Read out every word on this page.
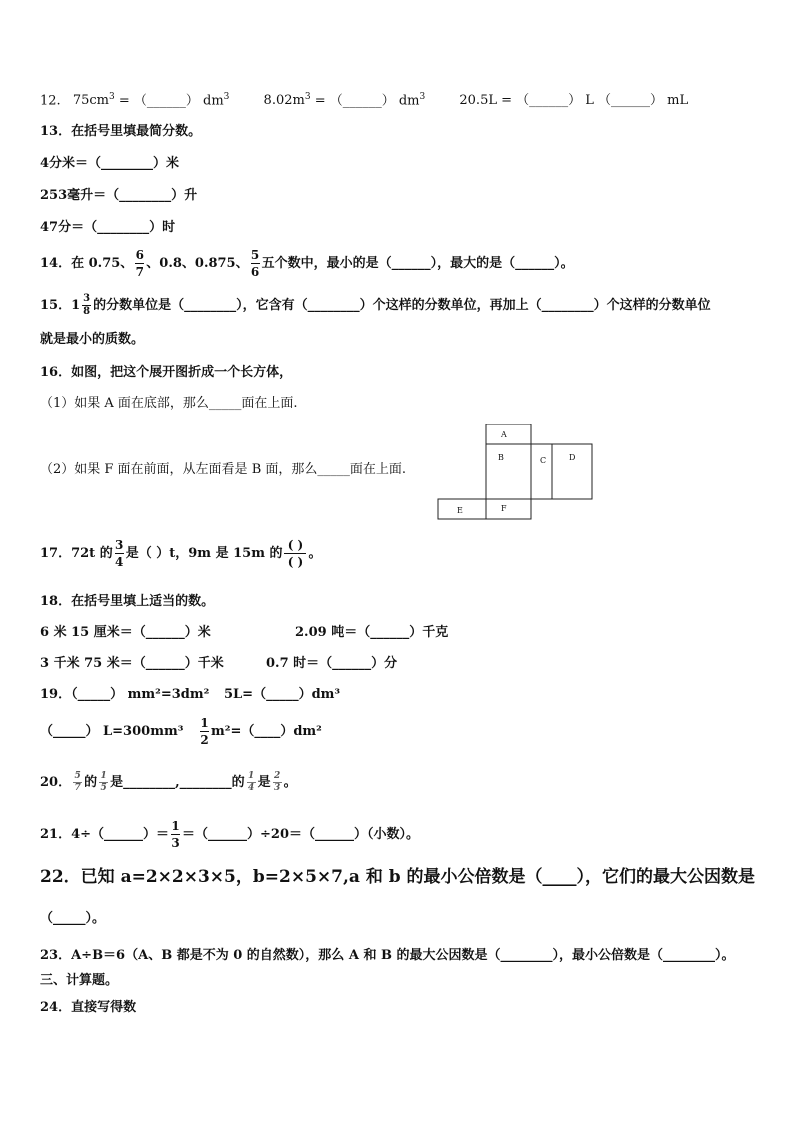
12. $75cm^3$ = （______） $dm^3$	$8.02m^3$ = （______） $dm^3$	20.5L = （______） L （______） mL
13．在括号里填最简分数。
4分米＝（________）米
253毫升＝（________）升
47分＝（________）时
14．在 0.75、 $\frac{6}{7}$ 、0.8、0.875、 $\frac{5}{6}$ 五个数中，最小的是（______），最大的是（______）。
15．$1 \frac{3}{8}$ 的分数单位是（________），它含有（________）个这样的分数单位，再加上（________）个这样的分数单位
就是最小的质数。
16．如图，把这个展开图折成一个长方体，
（1）如果 A 面在底部，那么_____面在上面.
（2）如果 F 面在前面，从左面看是 B 面，那么_____面在上面.
A
B	C	D
E	F
17．72t 的 $\frac{3}{4}$ 是（ ）t，9m 是 15m 的 $\frac{( )}{( )}$ 。
18．在括号里填上适当的数。
6 米 15 厘米＝（______）米	2.09 吨＝（______）千克
3 千米 75 米＝（______）千米	0.7 时＝（______）分
19．（_____） mm²=3dm² 5L=（_____）dm³
（_____） $L=300mm^3 \frac{1}{2}$ m²=（____）dm²
20． $\frac{5}{7}$ 的 $\frac{1}{5}$ 是________,________的 $\frac{1}{4}$ 是 $\frac{2}{3}$ 。
21．4÷（______）＝ $\frac{1}{3}$ ＝（______）÷20＝（______）（小数）。
22．已知 a=2×2×3×5，b=2×5×7,a 和 b 的最小公倍数是（____），它们的最大公因数是
（_____）。
23．A÷B＝6（A、B 都是不为 0 的自然数），那么 A 和 B 的最大公因数是（________），最小公倍数是（________）。
三、计算题。
24．直接写得数
